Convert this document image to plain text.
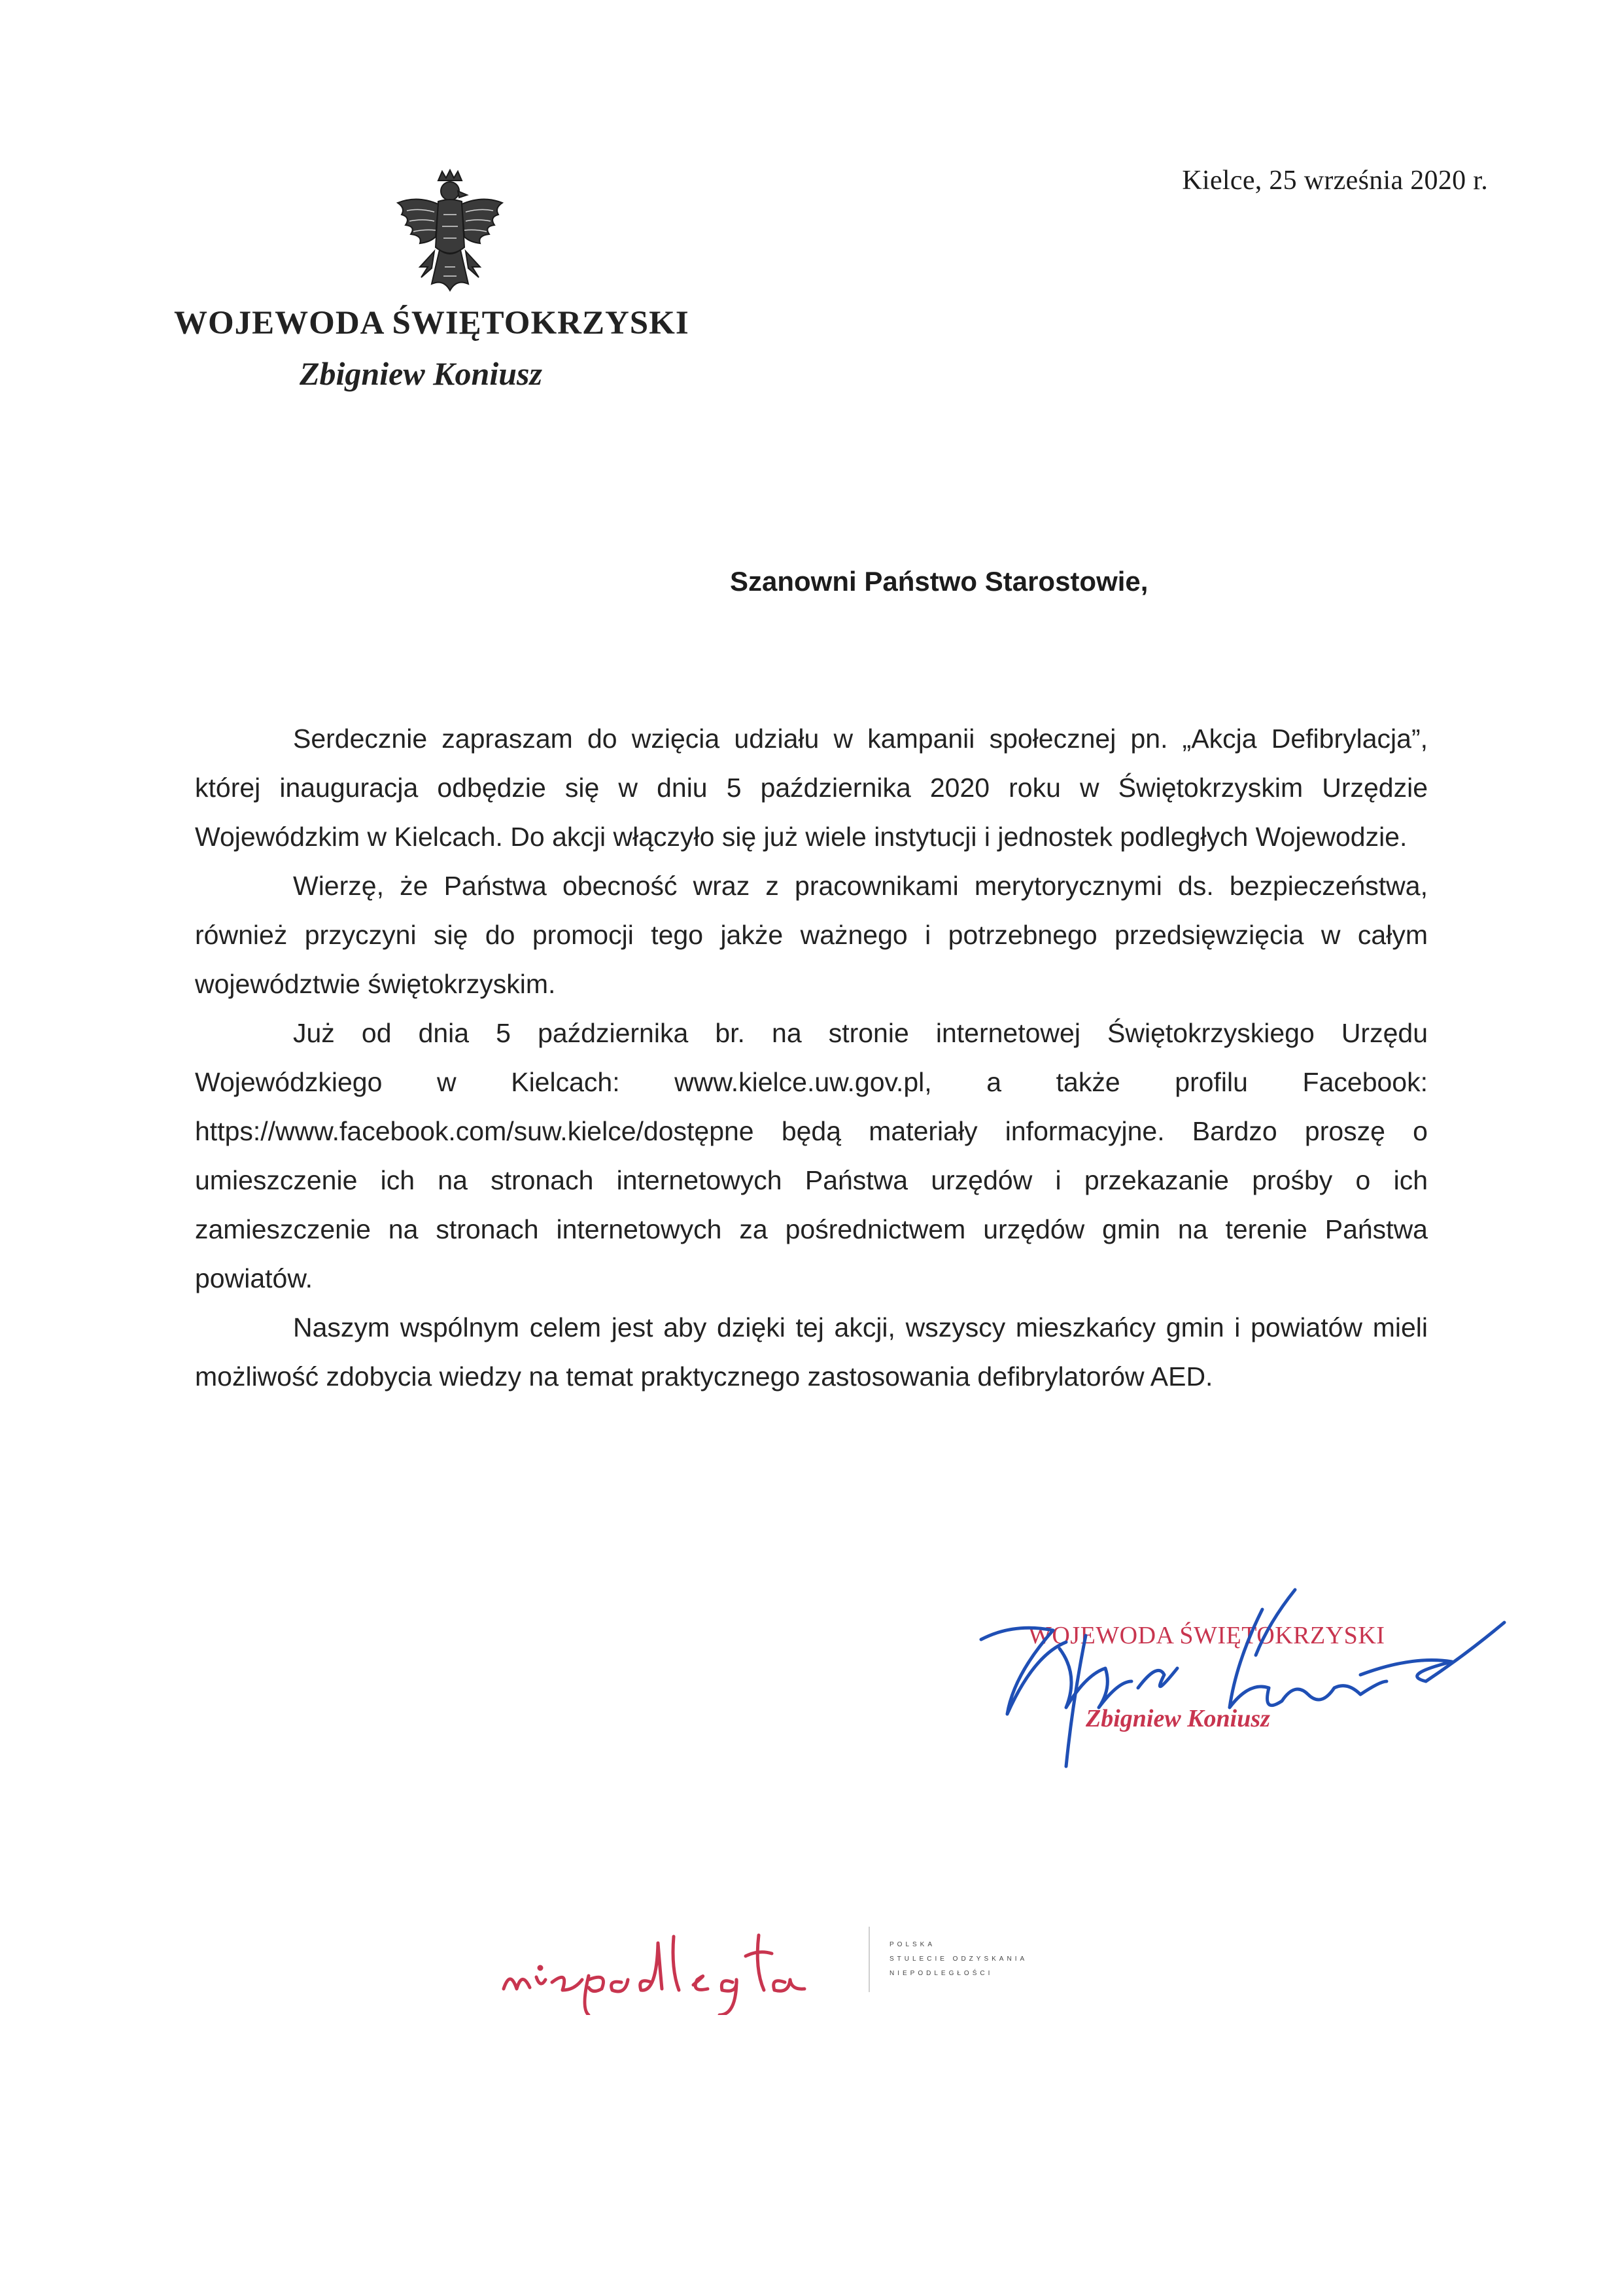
Kielce, 25 września 2020 r.
WOJEWODA ŚWIĘTOKRZYSKI
Zbigniew Koniusz
Szanowni Państwo Starostowie,

Serdecznie zapraszam do wzięcia udziału w kampanii społecznej pn. „Akcja Defibrylacja”, której inauguracja odbędzie się w dniu 5 października 2020 roku w Świętokrzyskim Urzędzie Wojewódzkim w Kielcach. Do akcji włączyło się już wiele instytucji i jednostek podległych Wojewodzie.

Wierzę, że Państwa obecność wraz z pracownikami merytorycznymi ds. bezpieczeństwa, również przyczyni się do promocji tego jakże ważnego i potrzebnego przedsięwzięcia w całym województwie świętokrzyskim.

Już od dnia 5 października br. na stronie internetowej Świętokrzyskiego Urzędu Wojewódzkiego w Kielcach: www.kielce.uw.gov.pl, a także profilu Facebook: https://www.facebook.com/suw.kielce/dostępne będą materiały informacyjne. Bardzo proszę o umieszczenie ich na stronach internetowych Państwa urzędów i przekazanie prośby o ich zamieszczenie na stronach internetowych za pośrednictwem urzędów gmin na terenie Państwa powiatów.

Naszym wspólnym celem jest aby dzięki tej akcji, wszyscy mieszkańcy gmin i powiatów mieli możliwość zdobycia wiedzy na temat praktycznego zastosowania defibrylatorów AED.

WOJEWODA ŚWIĘTOKRZYSKI
Zbigniew Koniusz
POLSKA
STULECIE ODZYSKANIA
NIEPODLEGŁOŚCI
